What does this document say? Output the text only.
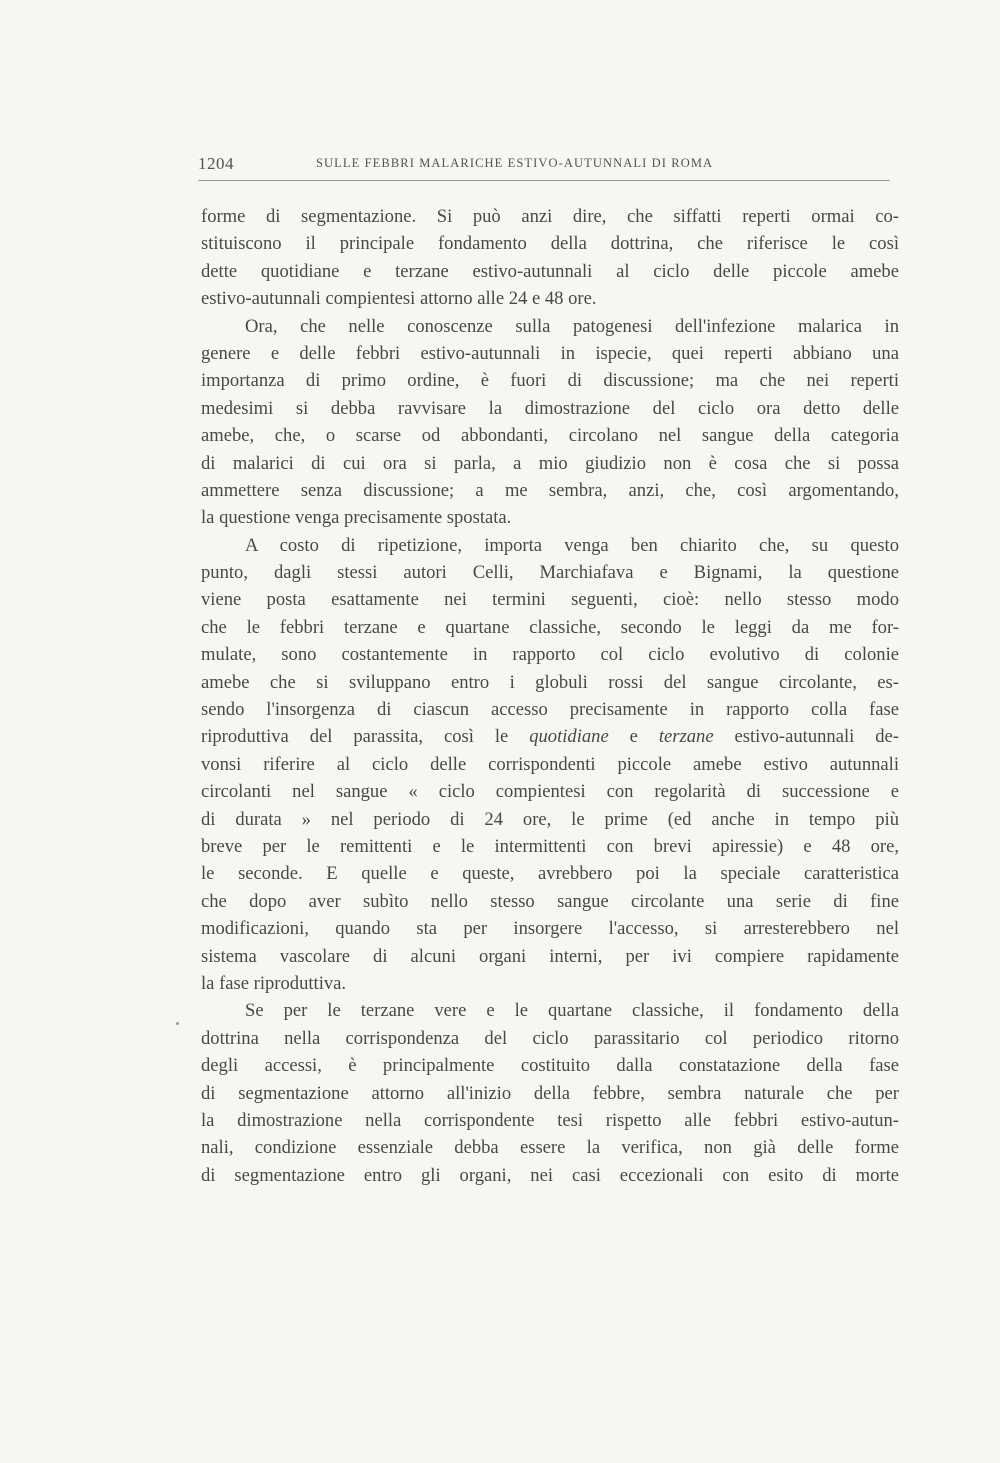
1204	SULLE FEBBRI MALARICHE ESTIVO-AUTUNNALI DI ROMA
forme di segmentazione. Si può anzi dire, che siffatti reperti ormai co-
stituiscono il principale fondamento della dottrina, che riferisce le così
dette quotidiane e terzane estivo-autunnali al ciclo delle piccole amebe
estivo-autunnali compientesi attorno alle 24 e 48 ore.
Ora, che nelle conoscenze sulla patogenesi dell'infezione malarica in
genere e delle febbri estivo-autunnali in ispecie, quei reperti abbiano una
importanza di primo ordine, è fuori di discussione; ma che nei reperti
medesimi si debba ravvisare la dimostrazione del ciclo ora detto delle
amebe, che, o scarse od abbondanti, circolano nel sangue della categoria
di malarici di cui ora si parla, a mio giudizio non è cosa che si possa
ammettere senza discussione; a me sembra, anzi, che, così argomentando,
la questione venga precisamente spostata.
A costo di ripetizione, importa venga ben chiarito che, su questo
punto, dagli stessi autori Celli, Marchiafava e Bignami, la questione
viene posta esattamente nei termini seguenti, cioè: nello stesso modo
che le febbri terzane e quartane classiche, secondo le leggi da me for-
mulate, sono costantemente in rapporto col ciclo evolutivo di colonie
amebe che si sviluppano entro i globuli rossi del sangue circolante, es-
sendo l'insorgenza di ciascun accesso precisamente in rapporto colla fase
riproduttiva del parassita, così le quotidiane e terzane estivo-autunnali de-
vonsi riferire al ciclo delle corrispondenti piccole amebe estivo autunnali
circolanti nel sangue « ciclo compientesi con regolarità di successione e
di durata » nel periodo di 24 ore, le prime (ed anche in tempo più
breve per le remittenti e le intermittenti con brevi apiressie) e 48 ore,
le seconde. E quelle e queste, avrebbero poi la speciale caratteristica
che dopo aver subìto nello stesso sangue circolante una serie di fine
modificazioni, quando sta per insorgere l'accesso, si arresterebbero nel
sistema vascolare di alcuni organi interni, per ivi compiere rapidamente
la fase riproduttiva.
Se per le terzane vere e le quartane classiche, il fondamento della
dottrina nella corrispondenza del ciclo parassitario col periodico ritorno
degli accessi, è principalmente costituito dalla constatazione della fase
di segmentazione attorno all'inizio della febbre, sembra naturale che per
la dimostrazione nella corrispondente tesi rispetto alle febbri estivo-autun-
nali, condizione essenziale debba essere la verifica, non già delle forme
di segmentazione entro gli organi, nei casi eccezionali con esito di morte
